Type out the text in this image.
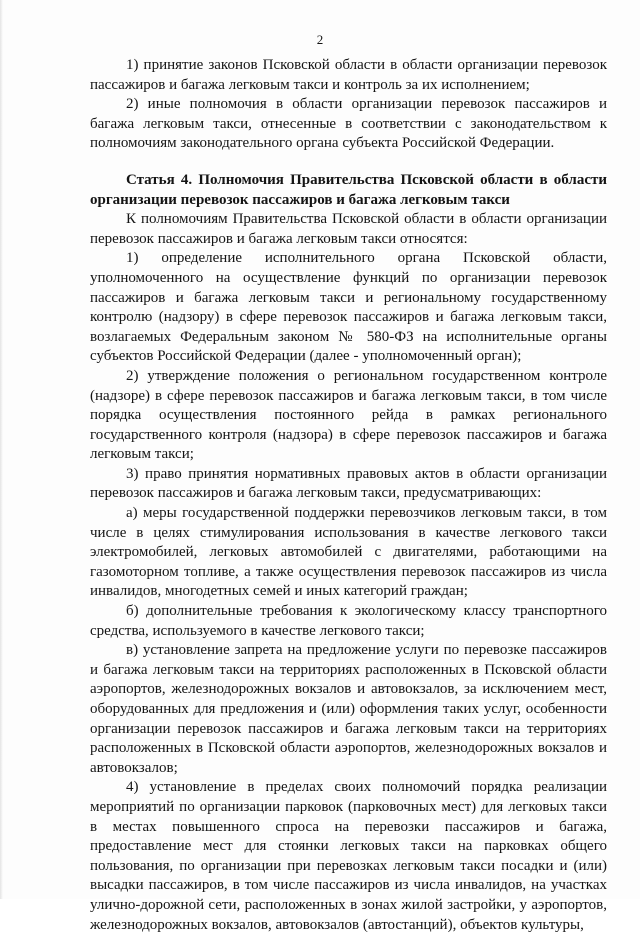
2

1) принятие законов Псковской области в области организации перевозок пассажиров и багажа легковым такси и контроль за их исполнением;

2) иные полномочия в области организации перевозок пассажиров и багажа легковым такси, отнесенные в соответствии с законодательством к полномочиям законодательного органа субъекта Российской Федерации.

Статья 4. Полномочия Правительства Псковской области в области организации перевозок пассажиров и багажа легковым такси

К полномочиям Правительства Псковской области в области организации перевозок пассажиров и багажа легковым такси относятся:

1) определение исполнительного органа Псковской области, уполномоченного на осуществление функций по организации перевозок пассажиров и багажа легковым такси и региональному государственному контролю (надзору) в сфере перевозок пассажиров и багажа легковым такси, возлагаемых Федеральным законом № 580-ФЗ на исполнительные органы субъектов Российской Федерации (далее - уполномоченный орган);

2) утверждение положения о региональном государственном контроле (надзоре) в сфере перевозок пассажиров и багажа легковым такси, в том числе порядка осуществления постоянного рейда в рамках регионального государственного контроля (надзора) в сфере перевозок пассажиров и багажа легковым такси;

3) право принятия нормативных правовых актов в области организации перевозок пассажиров и багажа легковым такси, предусматривающих:

а) меры государственной поддержки перевозчиков легковым такси, в том числе в целях стимулирования использования в качестве легкового такси электромобилей, легковых автомобилей с двигателями, работающими на газомоторном топливе, а также осуществления перевозок пассажиров из числа инвалидов, многодетных семей и иных категорий граждан;

б) дополнительные требования к экологическому классу транспортного средства, используемого в качестве легкового такси;

в) установление запрета на предложение услуги по перевозке пассажиров и багажа легковым такси на территориях расположенных в Псковской области аэропортов, железнодорожных вокзалов и автовокзалов, за исключением мест, оборудованных для предложения и (или) оформления таких услуг, особенности организации перевозок пассажиров и багажа легковым такси на территориях расположенных в Псковской области аэропортов, железнодорожных вокзалов и автовокзалов;

4) установление в пределах своих полномочий порядка реализации мероприятий по организации парковок (парковочных мест) для легковых такси в местах повышенного спроса на перевозки пассажиров и багажа, предоставление мест для стоянки легковых такси на парковках общего пользования, по организации при перевозках легковым такси посадки и (или) высадки пассажиров, в том числе пассажиров из числа инвалидов, на участках улично-дорожной сети, расположенных в зонах жилой застройки, у аэропортов, железнодорожных вокзалов, автовокзалов (автостанций), объектов культуры,
